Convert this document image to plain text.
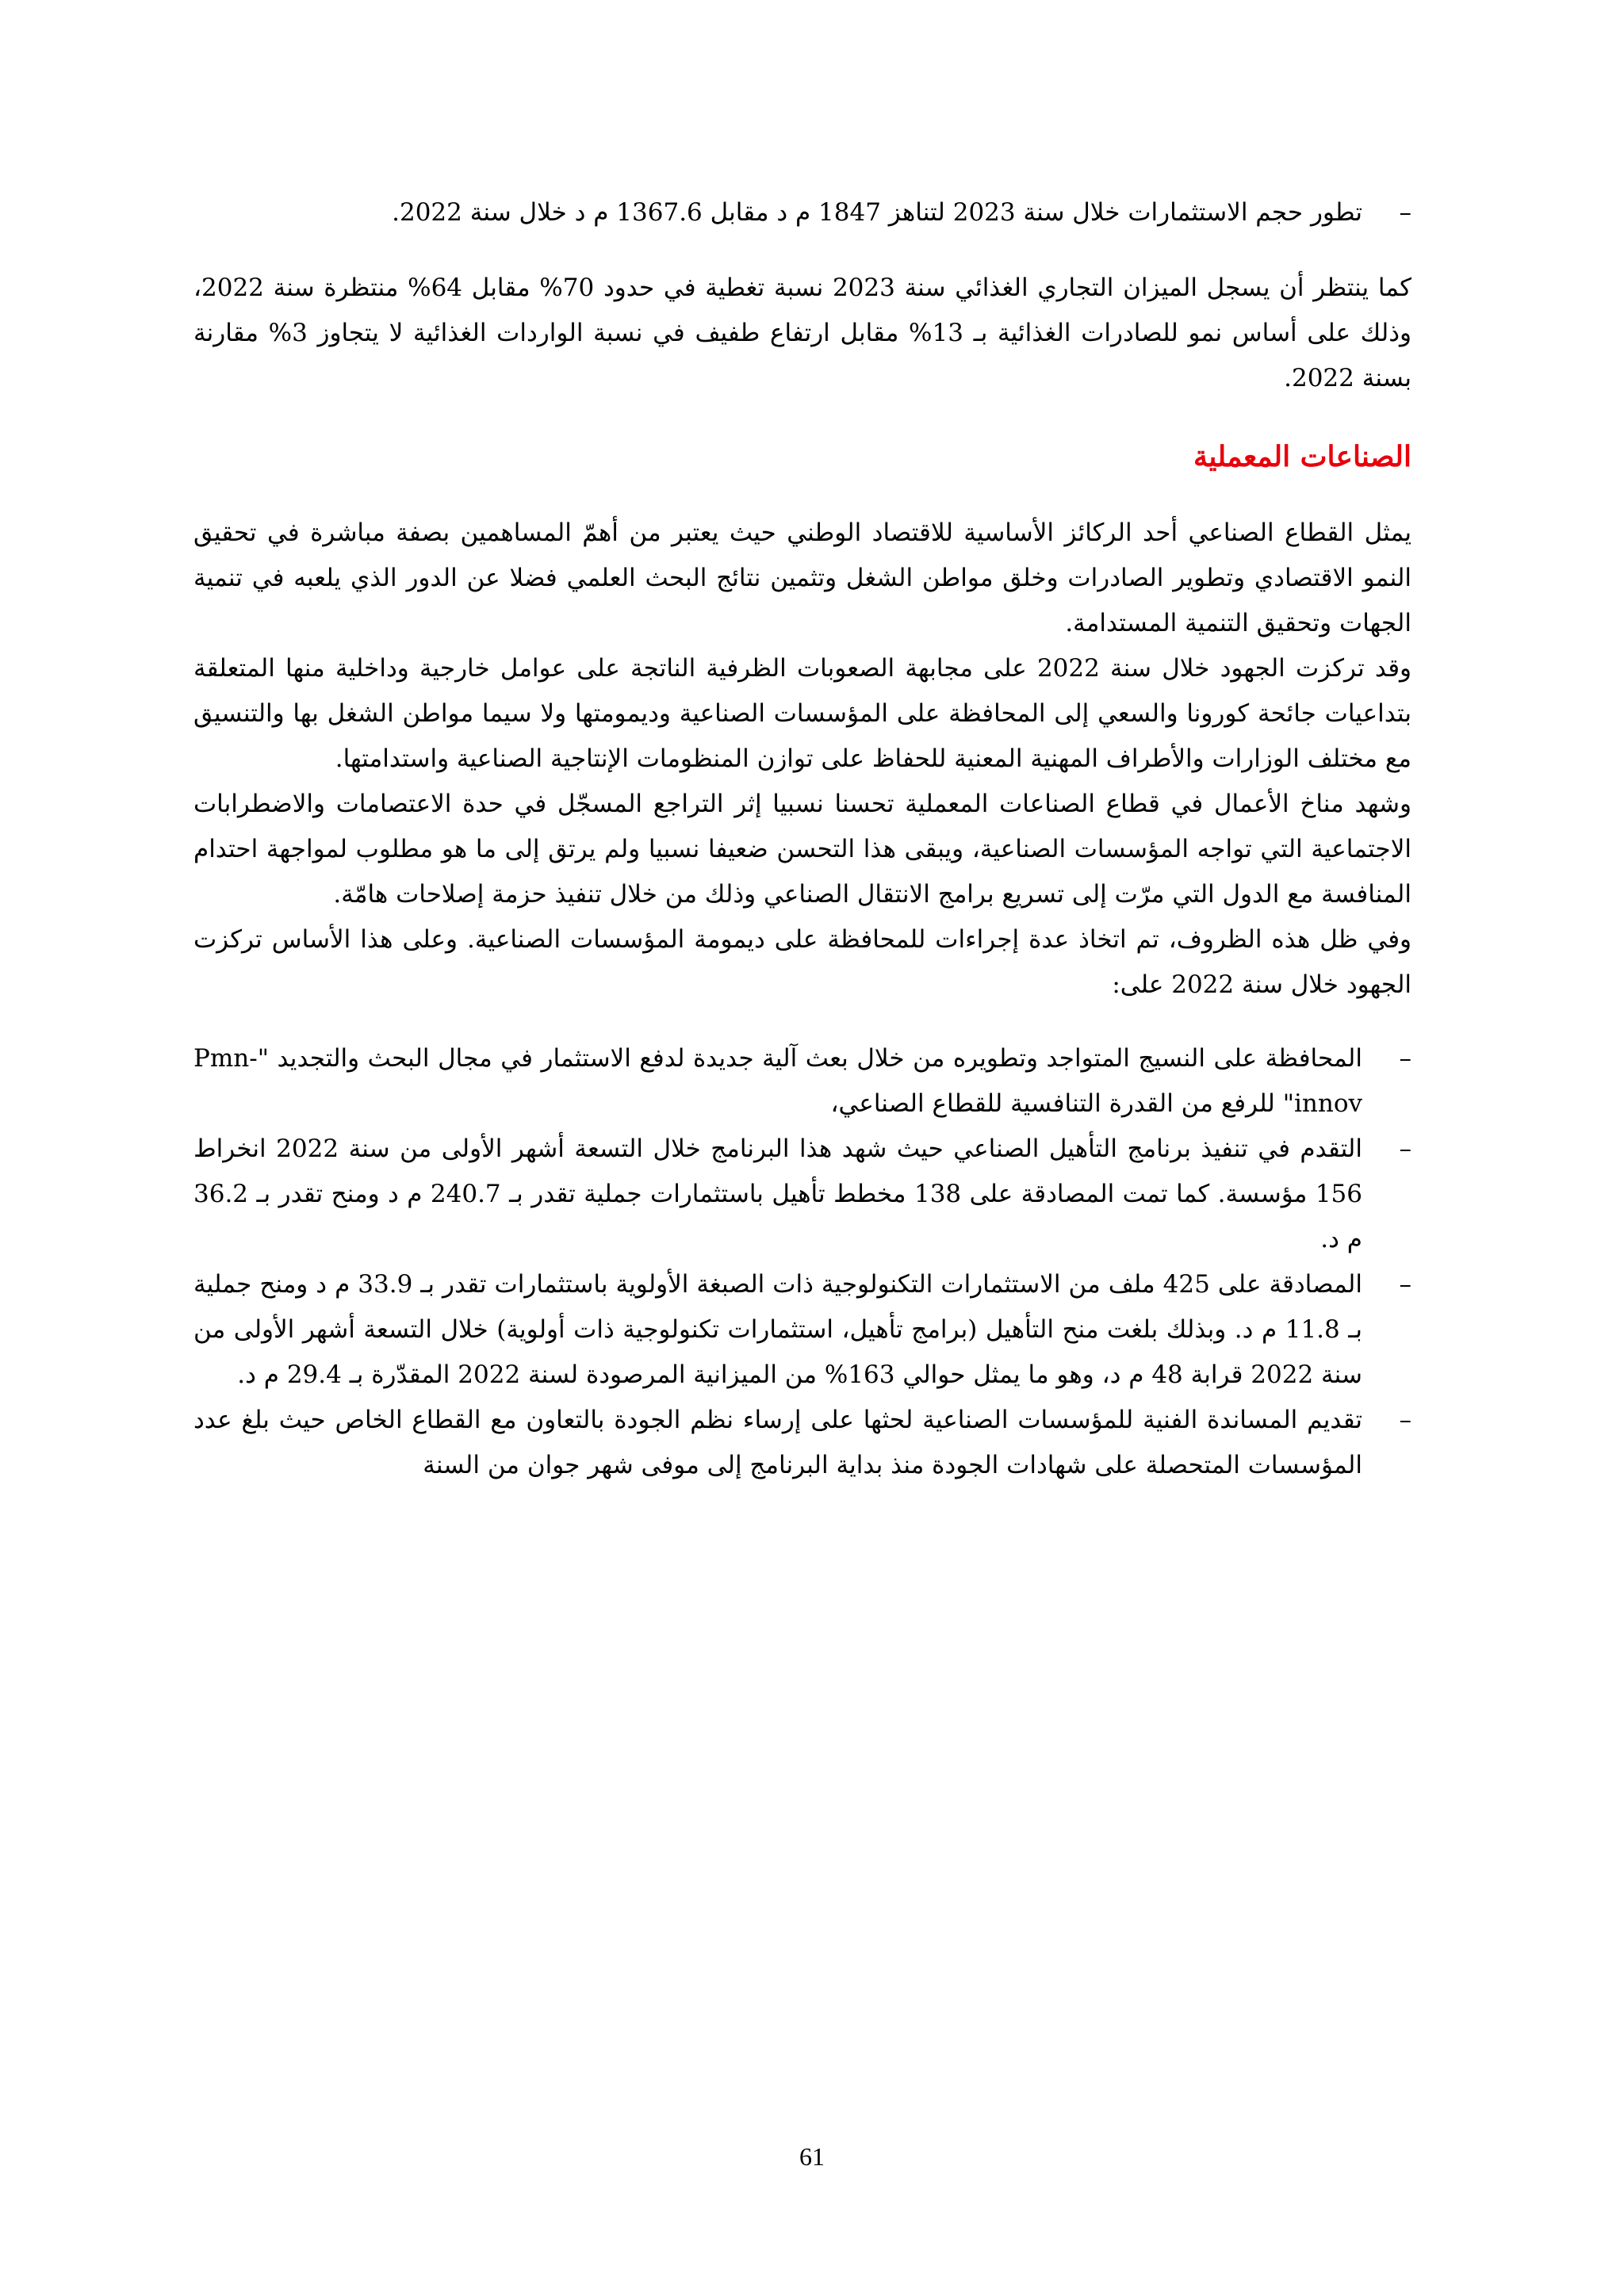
–

تطور حجم الاستثمارات خلال سنة 2023 لتناهز 1847 م د مقابل 1367.6 م د خلال سنة 2022.

كما ينتظر أن يسجل الميزان التجاري الغذائي سنة 2023 نسبة تغطية في حدود 70% مقابل 64% منتظرة سنة 2022، وذلك على أساس نمو للصادرات الغذائية بـ 13% مقابل ارتفاع طفيف في نسبة الواردات الغذائية لا يتجاوز 3% مقارنة بسنة 2022.

الصناعات المعملية

يمثل القطاع الصناعي أحد الركائز الأساسية للاقتصاد الوطني حيث يعتبر من أهمّ المساهمين بصفة مباشرة في تحقيق النمو الاقتصادي وتطوير الصادرات وخلق مواطن الشغل وتثمين نتائج البحث العلمي فضلا عن الدور الذي يلعبه في تنمية الجهات وتحقيق التنمية المستدامة.

وقد تركزت الجهود خلال سنة 2022 على مجابهة الصعوبات الظرفية الناتجة على عوامل خارجية وداخلية منها المتعلقة بتداعيات جائحة كورونا والسعي إلى المحافظة على المؤسسات الصناعية وديمومتها ولا سيما مواطن الشغل بها والتنسيق مع مختلف الوزارات والأطراف المهنية المعنية للحفاظ على توازن المنظومات الإنتاجية الصناعية واستدامتها.

وشهد مناخ الأعمال في قطاع الصناعات المعملية تحسنا نسبيا إثر التراجع المسجّل في حدة الاعتصامات والاضطرابات الاجتماعية التي تواجه المؤسسات الصناعية، ويبقى هذا التحسن ضعيفا نسبيا ولم يرتق إلى ما هو مطلوب لمواجهة احتدام المنافسة مع الدول التي مرّت إلى تسريع برامج الانتقال الصناعي وذلك من خلال تنفيذ حزمة إصلاحات هامّة.

وفي ظل هذه الظروف، تم اتخاذ عدة إجراءات للمحافظة على ديمومة المؤسسات الصناعية. وعلى هذا الأساس تركزت الجهود خلال سنة 2022 على:

–

المحافظة على النسيج المتواجد وتطويره من خلال بعث آلية جديدة لدفع الاستثمار في مجال البحث والتجديد "Pmn-innov" للرفع من القدرة التنافسية للقطاع الصناعي،

–

التقدم في تنفيذ برنامج التأهيل الصناعي حيث شهد هذا البرنامج خلال التسعة أشهر الأولى من سنة 2022 انخراط 156 مؤسسة. كما تمت المصادقة على 138 مخطط تأهيل باستثمارات جملية تقدر بـ 240.7 م د ومنح تقدر بـ 36.2 م د.

–

المصادقة على 425 ملف من الاستثمارات التكنولوجية ذات الصبغة الأولوية باستثمارات تقدر بـ 33.9 م د ومنح جملية بـ 11.8 م د. وبذلك بلغت منح التأهيل (برامج تأهيل، استثمارات تكنولوجية ذات أولوية) خلال التسعة أشهر الأولى من سنة 2022 قرابة 48 م د، وهو ما يمثل حوالي 163% من الميزانية المرصودة لسنة 2022 المقدّرة بـ 29.4 م د.

–

تقديم المساندة الفنية للمؤسسات الصناعية لحثها على إرساء نظم الجودة بالتعاون مع القطاع الخاص حيث بلغ عدد المؤسسات المتحصلة على شهادات الجودة منذ بداية البرنامج إلى موفى شهر جوان من السنة

61
